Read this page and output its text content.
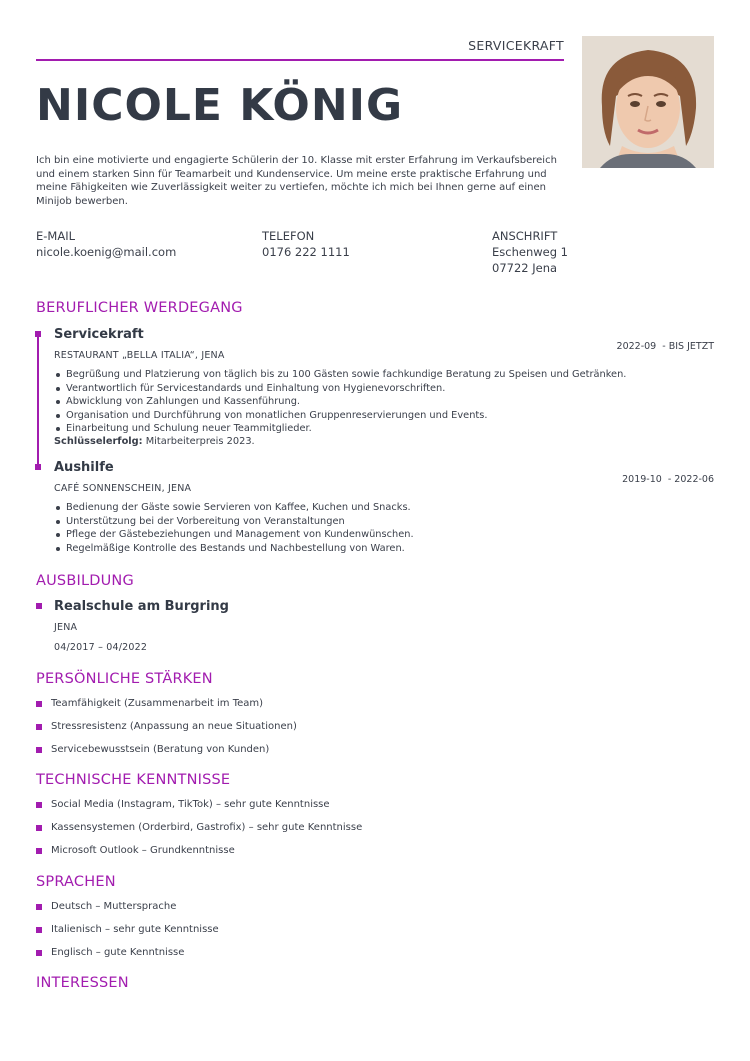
SERVICEKRAFT
NICOLE KÖNIG
Ich bin eine motivierte und engagierte Schülerin der 10. Klasse mit erster Erfahrung im Verkaufsbereich und einem starken Sinn für Teamarbeit und Kundenservice. Um meine erste praktische Erfahrung und meine Fähigkeiten wie Zuverlässigkeit weiter zu vertiefen, möchte ich mich bei Ihnen gerne auf einen Minijob bewerben.
E-MAIL
nicole.koenig@mail.com
TELEFON
0176 222 1111
ANSCHRIFT
Eschenweg 1
07722 Jena
BERUFLICHER WERDEGANG
Servicekraft
RESTAURANT „BELLA ITALIA“, JENA
2022-09  - BIS JETZT
Begrüßung und Platzierung von täglich bis zu 100 Gästen sowie fachkundige Beratung zu Speisen und Getränken.
Verantwortlich für Servicestandards und Einhaltung von Hygienevorschriften.
Abwicklung von Zahlungen und Kassenführung.
Organisation und Durchführung von monatlichen Gruppenreservierungen und Events.
Einarbeitung und Schulung neuer Teammitglieder.
Schlüsselerfolg: Mitarbeiterpreis 2023.
Aushilfe
CAFÉ SONNENSCHEIN, JENA
2019-10  - 2022-06
Bedienung der Gäste sowie Servieren von Kaffee, Kuchen und Snacks.
Unterstützung bei der Vorbereitung von Veranstaltungen
Pflege der Gästebeziehungen und Management von Kundenwünschen.
Regelmäßige Kontrolle des Bestands und Nachbestellung von Waren.
AUSBILDUNG
Realschule am Burgring
JENA
04/2017 – 04/2022
PERSÖNLICHE STÄRKEN
Teamfähigkeit (Zusammenarbeit im Team)
Stressresistenz (Anpassung an neue Situationen)
Servicebewusstsein (Beratung von Kunden)
TECHNISCHE KENNTNISSE
Social Media (Instagram, TikTok) – sehr gute Kenntnisse
Kassensystemen (Orderbird, Gastrofix) – sehr gute Kenntnisse
Microsoft Outlook – Grundkenntnisse
SPRACHEN
Deutsch – Muttersprache
Italienisch – sehr gute Kenntnisse
Englisch – gute Kenntnisse
INTERESSEN
